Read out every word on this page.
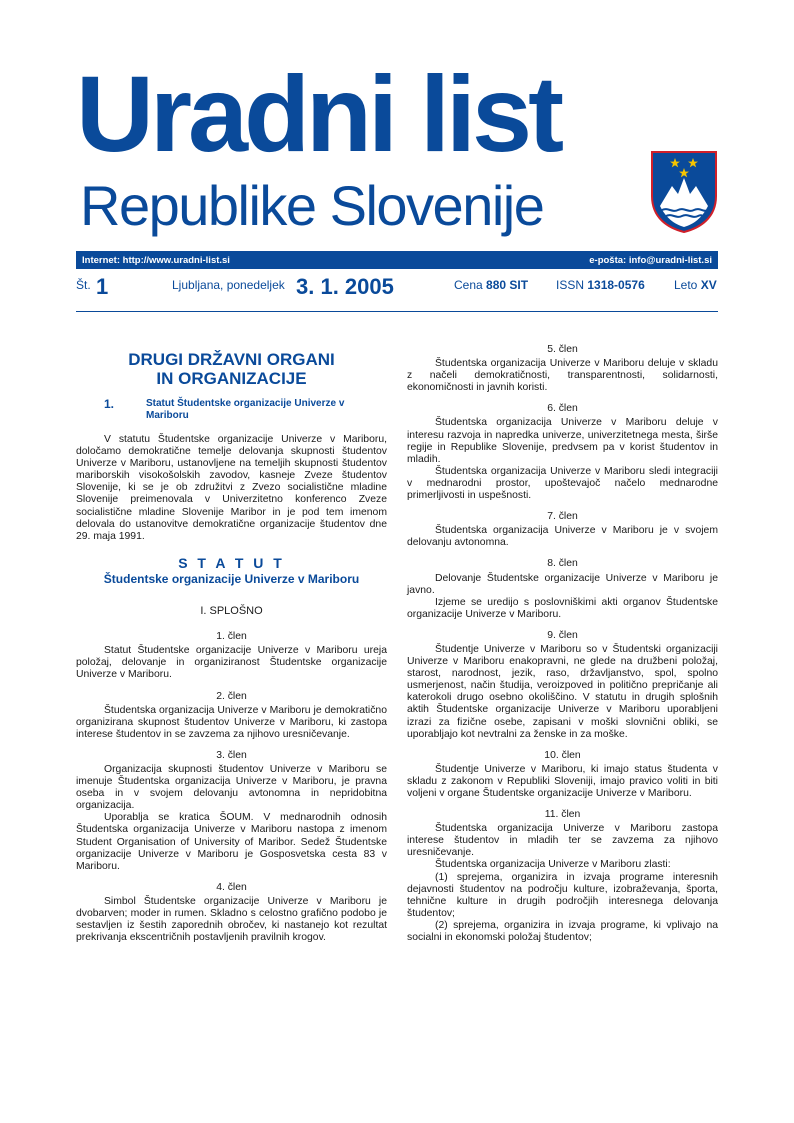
Uradni list
Republike Slovenije
Internet: http://www.uradni-list.si	e-pošta: info@uradni-list.si
Št. 1	Ljubljana, ponedeljek 3. 1. 2005	Cena 880 SIT ISSN 1318-0576 Leto XV
DRUGI DRŽAVNI ORGANI
IN ORGANIZACIJE
1.	Statut Študentske organizacije Univerze v Mariboru

V statutu Študentske organizacije Univerze v Mariboru, določamo demokratične temelje delovanja skupnosti študentov Univerze v Mariboru, ustanovljene na temeljih skupnosti študentov mariborskih visokošolskih zavodov, kasneje Zveze študentov Slovenije, ki se je ob združitvi z Zvezo socialistične mladine Slovenije preimenovala v Univerzitetno konferenco Zveze socialistične mladine Slovenije Maribor in je pod tem imenom delovala do ustanovitve demokratične organizacije študentov dne 29. maja 1991.

S T A T U T
Študentske organizacije Univerze v Mariboru
I. SPLOŠNO
1. člen

Statut Študentske organizacije Univerze v Mariboru ureja položaj, delovanje in organiziranost Študentske organizacije Univerze v Mariboru.

2. člen

Študentska organizacija Univerze v Mariboru je demokratično organizirana skupnost študentov Univerze v Mariboru, ki zastopa interese študentov in se zavzema za njihovo uresničevanje.

3. člen

Organizacija skupnosti študentov Univerze v Mariboru se imenuje Študentska organizacija Univerze v Mariboru, je pravna oseba in v svojem delovanju avtonomna in nepridobitna organizacija.

Uporablja se kratica ŠOUM. V mednarodnih odnosih Študentska organizacija Univerze v Mariboru nastopa z imenom Student Organisation of University of Maribor. Sedež Študentske organizacije Univerze v Mariboru je Gosposvetska cesta 83 v Mariboru.

4. člen

Simbol Študentske organizacije Univerze v Mariboru je dvobarven; moder in rumen. Skladno s celostno grafično podobo je sestavljen iz šestih zaporednih obročev, ki nastanejo kot rezultat prekrivanja ekscentričnih postavljenih pravilnih krogov.

5. člen

Študentska organizacija Univerze v Mariboru deluje v skladu z načeli demokratičnosti, transparentnosti, solidarnosti, ekonomičnosti in javnih koristi.

6. člen

Študentska organizacija Univerze v Mariboru deluje v interesu razvoja in napredka univerze, univerzitetnega mesta, širše regije in Republike Slovenije, predvsem pa v korist študentov in mladih.

Študentska organizacija Univerze v Mariboru sledi integraciji v mednarodni prostor, upoštevajoč načelo mednarodne primerljivosti in uspešnosti.

7. člen

Študentska organizacija Univerze v Mariboru je v svojem delovanju avtonomna.

8. člen

Delovanje Študentske organizacije Univerze v Mariboru je javno.

Izjeme se uredijo s poslovniškimi akti organov Študentske organizacije Univerze v Mariboru.

9. člen

Študentje Univerze v Mariboru so v Študentski organizaciji Univerze v Mariboru enakopravni, ne glede na družbeni položaj, starost, narodnost, jezik, raso, državljanstvo, spol, spolno usmerjenost, način študija, veroizpoved in politično prepričanje ali katerokoli drugo osebno okoliščino. V statutu in drugih splošnih aktih Študentske organizacije Univerze v Mariboru uporabljeni izrazi za fizične osebe, zapisani v moški slovnični obliki, se uporabljajo kot nevtralni za ženske in za moške.

10. člen

Študentje Univerze v Mariboru, ki imajo status študenta v skladu z zakonom v Republiki Sloveniji, imajo pravico voliti in biti voljeni v organe Študentske organizacije Univerze v Mariboru.

11. člen

Študentska organizacija Univerze v Mariboru zastopa interese študentov in mladih ter se zavzema za njihovo uresničevanje.

Študentska organizacija Univerze v Mariboru zlasti:

(1) sprejema, organizira in izvaja programe interesnih dejavnosti študentov na področju kulture, izobraževanja, športa, tehnične kulture in drugih področjih interesnega delovanja študentov;

(2) sprejema, organizira in izvaja programe, ki vplivajo na socialni in ekonomski položaj študentov;
